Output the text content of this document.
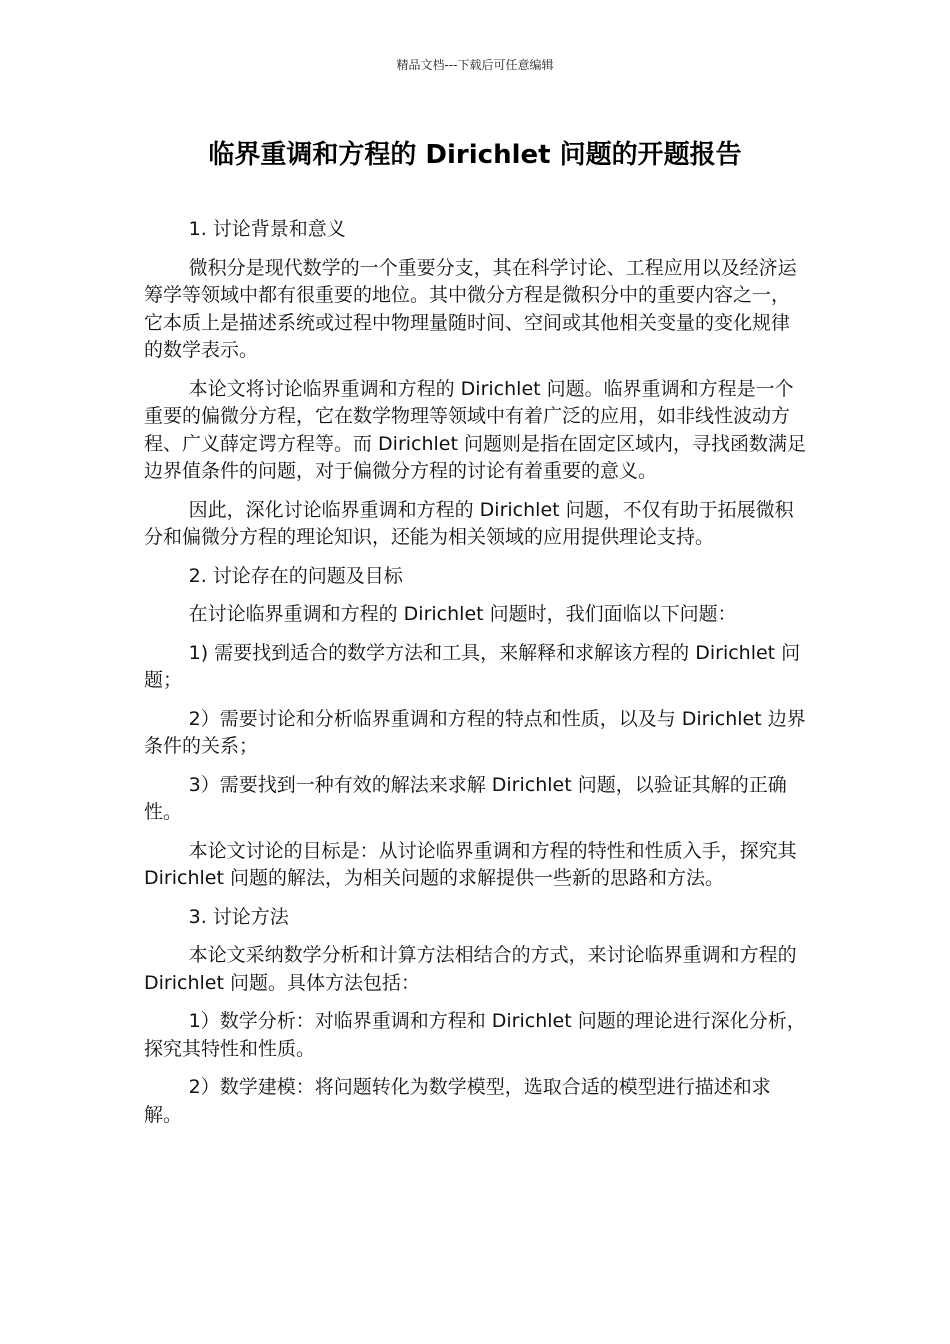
精品文档---下载后可任意编辑
临界重调和方程的 Dirichlet 问题的开题报告

1. 讨论背景和意义

微积分是现代数学的一个重要分支，其在科学讨论、工程应用以及经济运筹学等领域中都有很重要的地位。其中微分方程是微积分中的重要内容之一，它本质上是描述系统或过程中物理量随时间、空间或其他相关变量的变化规律的数学表示。

本论文将讨论临界重调和方程的 Dirichlet 问题。临界重调和方程是一个重要的偏微分方程，它在数学物理等领域中有着广泛的应用，如非线性波动方程、广义薛定谔方程等。而 Dirichlet 问题则是指在固定区域内，寻找函数满足边界值条件的问题，对于偏微分方程的讨论有着重要的意义。

因此，深化讨论临界重调和方程的 Dirichlet 问题，不仅有助于拓展微积分和偏微分方程的理论知识，还能为相关领域的应用提供理论支持。

2. 讨论存在的问题及目标

在讨论临界重调和方程的 Dirichlet 问题时，我们面临以下问题：

1) 需要找到适合的数学方法和工具，来解释和求解该方程的 Dirichlet 问题；

2）需要讨论和分析临界重调和方程的特点和性质，以及与 Dirichlet 边界条件的关系；

3）需要找到一种有效的解法来求解 Dirichlet 问题，以验证其解的正确性。

本论文讨论的目标是：从讨论临界重调和方程的特性和性质入手，探究其 Dirichlet 问题的解法，为相关问题的求解提供一些新的思路和方法。

3. 讨论方法

本论文采纳数学分析和计算方法相结合的方式，来讨论临界重调和方程的 Dirichlet 问题。具体方法包括：

1）数学分析：对临界重调和方程和 Dirichlet 问题的理论进行深化分析，探究其特性和性质。

2）数学建模：将问题转化为数学模型，选取合适的模型进行描述和求解。
